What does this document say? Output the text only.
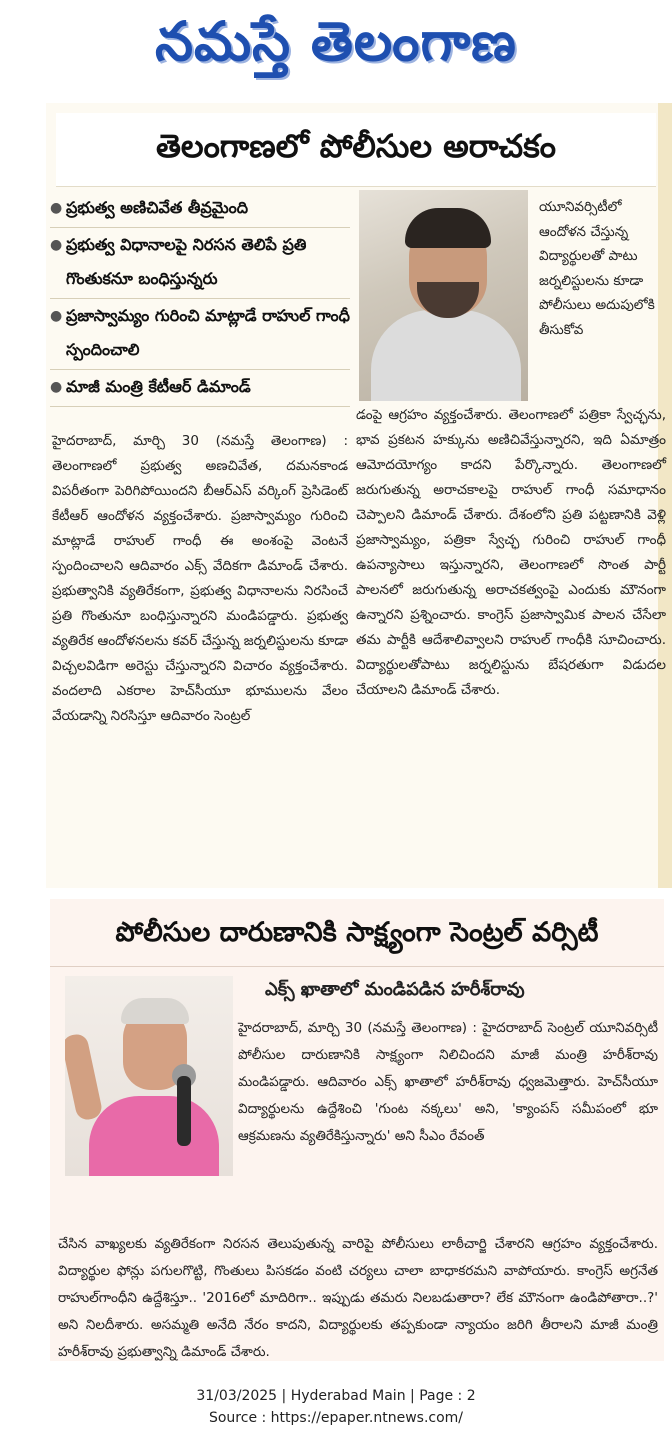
నమస్తే తెలంగాణ
తెలంగాణలో పోలీసుల అరాచకం
● ప్రభుత్వ అణిచివేత తీవ్రమైంది
● ప్రభుత్వ విధానాలపై నిరసన తెలిపే ప్రతి గొంతుకనూ బంధిస్తున్నరు
● ప్రజాస్వామ్యం గురించి మాట్లాడే రాహుల్ గాంధీ స్పందించాలి
● మాజీ మంత్రి కేటీఆర్ డిమాండ్
యూనివర్సిటీలో ఆందోళన చేస్తున్న విద్యార్థులతో పాటు జర్నలిస్టులను కూడా పోలీసులు అదుపులోకి తీసుకోవ
హైదరాబాద్, మార్చి 30 (నమస్తే తెలంగాణ) : తెలంగాణలో ప్రభుత్వ అణచివేత, దమనకాండ విపరీతంగా పెరిగిపోయిందని బీఆర్ఎస్ వర్కింగ్ ప్రెసిడెంట్ కేటీఆర్ ఆందోళన వ్యక్తంచేశారు. ప్రజాస్వామ్యం గురించి మాట్లాడే రాహుల్ గాంధీ ఈ అంశంపై వెంటనే స్పందించాలని ఆదివారం ఎక్స్ వేదికగా డిమాండ్ చేశారు. ప్రభుత్వానికి వ్యతిరేకంగా, ప్రభుత్వ విధానాలను నిరసించే ప్రతి గొంతునూ బంధిస్తున్నారని మండిపడ్డారు. ప్రభుత్వ వ్యతిరేక ఆందోళనలను కవర్ చేస్తున్న జర్నలిస్టులను కూడా విచ్చలవిడిగా అరెస్టు చేస్తున్నారని విచారం వ్యక్తంచేశారు. వందలాది ఎకరాల హెచ్‌సీయూ భూములను వేలం వేయడాన్ని నిరసిస్తూ ఆదివారం సెంట్రల్
డంపై ఆగ్రహం వ్యక్తంచేశారు. తెలంగాణలో పత్రికా స్వేచ్ఛను, భావ ప్రకటన హక్కును అణిచివేస్తున్నారని, ఇది ఏమాత్రం ఆమోదయోగ్యం కాదని పేర్కొన్నారు. తెలంగాణలో జరుగుతున్న అరాచకాలపై రాహుల్ గాంధీ సమాధానం చెప్పాలని డిమాండ్ చేశారు. దేశంలోని ప్రతి పట్టణానికి వెళ్లి ప్రజాస్వామ్యం, పత్రికా స్వేచ్ఛ గురించి రాహుల్ గాంధీ ఉపన్యాసాలు ఇస్తున్నారని, తెలంగాణలో సొంత పార్టీ పాలనలో జరుగుతున్న అరాచకత్వంపై ఎందుకు మౌనంగా ఉన్నారని ప్రశ్నించారు. కాంగ్రెస్ ప్రజాస్వామిక పాలన చేసేలా తమ పార్టీకి ఆదేశాలివ్వాలని రాహుల్ గాంధీకి సూచించారు. విద్యార్థులతోపాటు జర్నలిస్టును బేషరతుగా విడుదల చేయాలని డిమాండ్ చేశారు.
పోలీసుల దారుణానికి సాక్ష్యంగా సెంట్రల్ వర్సిటీ
ఎక్స్ ఖాతాలో మండిపడిన హరీశ్‌రావు
హైదరాబాద్, మార్చి 30 (నమస్తే తెలంగాణ) : హైదరాబాద్ సెంట్రల్ యూనివర్సిటీ పోలీసుల దారుణానికి సాక్ష్యంగా నిలిచిందని మాజీ మంత్రి హరీశ్‌రావు మండిపడ్డారు. ఆదివారం ఎక్స్ ఖాతాలో హరీశ్‌రావు ధ్వజమెత్తారు. హెచ్‌సీయూ విద్యార్థులను ఉద్దేశించి 'గుంట నక్కలు' అని, 'క్యాంపస్ సమీపంలో భూ ఆక్రమణను వ్యతిరేకిస్తున్నారు' అని సీఎం రేవంత్
చేసిన వాఖ్యలకు వ్యతిరేకంగా నిరసన తెలుపుతున్న వారిపై పోలీసులు లాఠీచార్జి చేశారని ఆగ్రహం వ్యక్తంచేశారు. విద్యార్థుల ఫోన్లు పగులగొట్టి, గొంతులు పిసకడం వంటి చర్యలు చాలా బాధాకరమని వాపోయారు. కాంగ్రెస్ అగ్రనేత రాహుల్‌గాంధీని ఉద్దేశిస్తూ.. '2016లో మాదిరిగా.. ఇప్పుడు తమరు నిలబడుతారా? లేక మౌనంగా ఉండిపోతారా..?' అని నిలదీశారు. అసమ్మతి అనేది నేరం కాదని, విద్యార్థులకు తప్పకుండా న్యాయం జరిగి తీరాలని మాజీ మంత్రి హరీశ్‌రావు ప్రభుత్వాన్ని డిమాండ్ చేశారు.
31/03/2025 | Hyderabad Main | Page : 2
Source : https://epaper.ntnews.com/
